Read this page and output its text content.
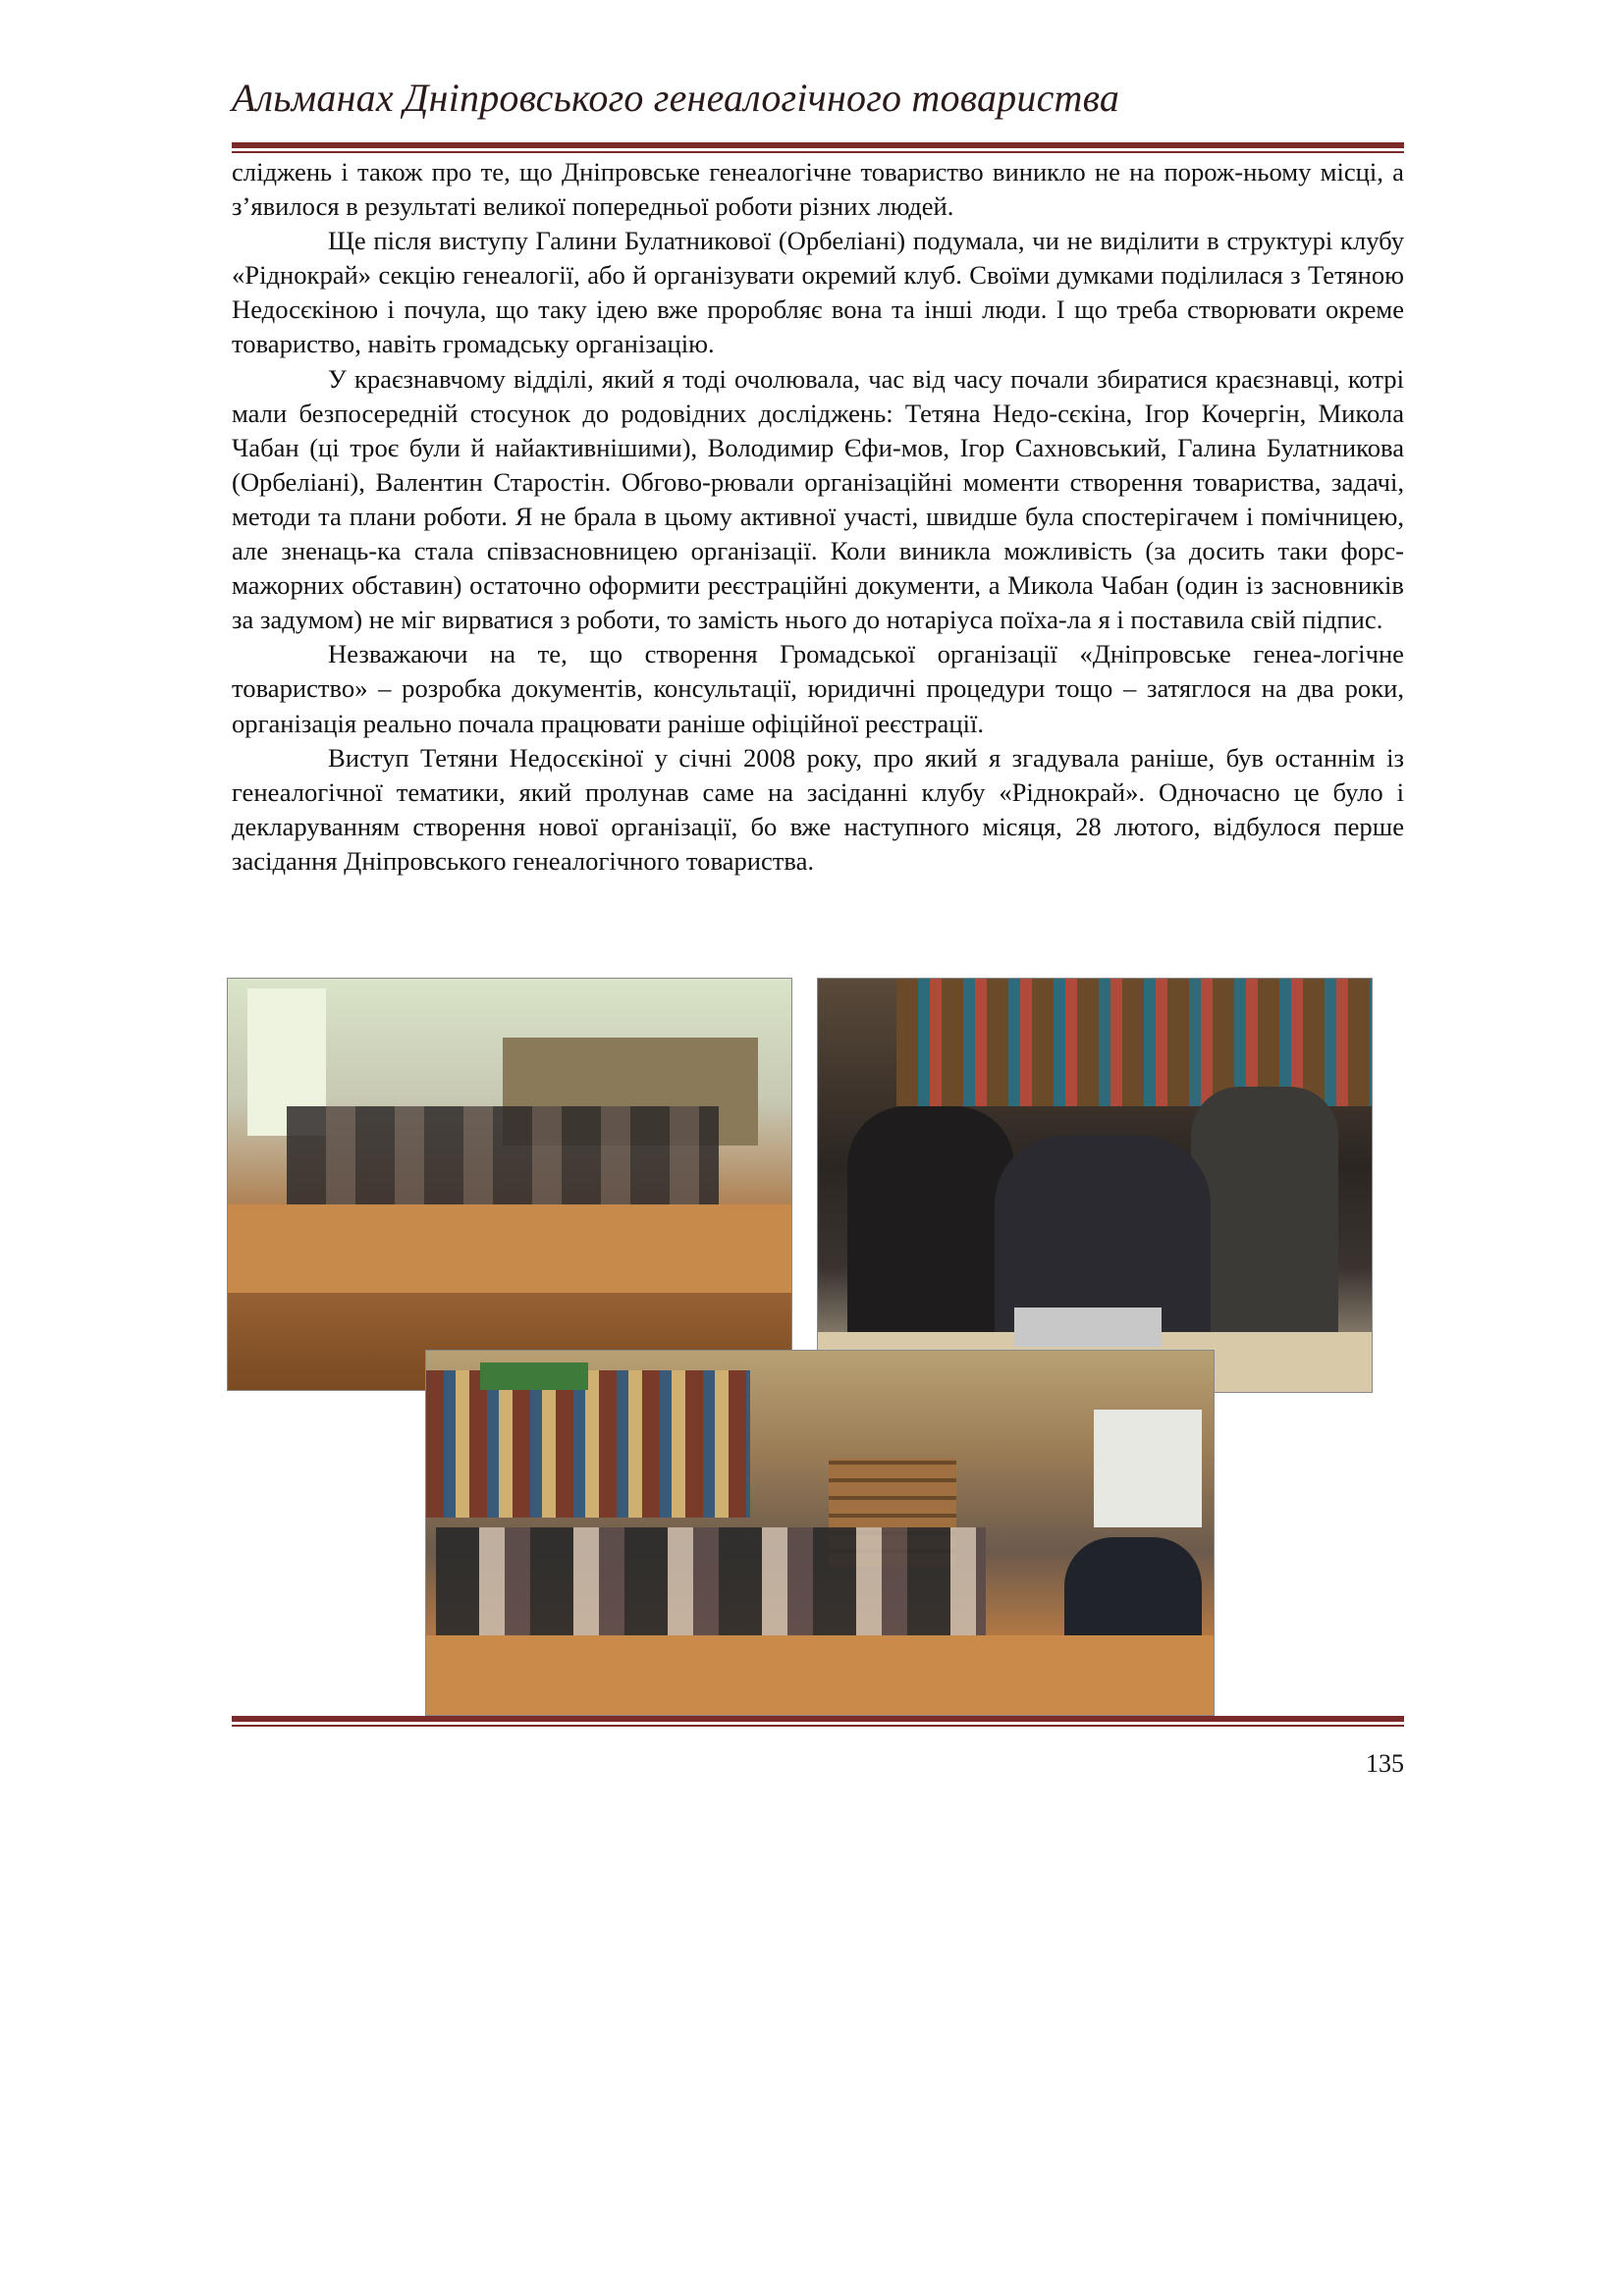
Альманах Дніпровського генеалогічного товариства

сліджень і також про те, що Дніпровське генеалогічне товариство виникло не на порож-ньому місці, а з’явилося в результаті великої попередньої роботи різних людей.

Ще після виступу Галини Булатникової (Орбеліані) подумала, чи не виділити в структурі клубу «Ріднокрай» секцію генеалогії, або й організувати окремий клуб. Своїми думками поділилася з Тетяною Недосєкіною і почула, що таку ідею вже проробляє вона та інші люди. І що треба створювати окреме товариство, навіть громадську організацію.

У краєзнавчому відділі, який я тоді очолювала, час від часу почали збиратися краєзнавці, котрі мали безпосередній стосунок до родовідних досліджень: Тетяна Недо-сєкіна, Ігор Кочергін, Микола Чабан (ці троє були й найактивнішими), Володимир Єфи-мов, Ігор Сахновський, Галина Булатникова (Орбеліані), Валентин Старостін. Обгово-рювали організаційні моменти створення товариства, задачі, методи та плани роботи. Я не брала в цьому активної участі, швидше була спостерігачем і помічницею, але зненаць-ка стала співзасновницею організації. Коли виникла можливість (за досить таки форс-мажорних обставин) остаточно оформити реєстраційні документи, а Микола Чабан (один із засновників за задумом) не міг вирватися з роботи, то замість нього до нотаріуса поїха-ла я і поставила свій підпис.

Незважаючи на те, що створення Громадської організації «Дніпровське генеа-логічне товариство» – розробка документів, консультації, юридичні процедури тощо – затяглося на два роки, організація реально почала працювати раніше офіційної реєстрації.

Виступ Тетяни Недосєкіної у січні 2008 року, про який я згадувала раніше, був останнім із генеалогічної тематики, який пролунав саме на засіданні клубу «Ріднокрай». Одночасно це було і декларуванням створення нової організації, бо вже наступного місяця, 28 лютого, відбулося перше засідання Дніпровського генеалогічного товариства.

135
